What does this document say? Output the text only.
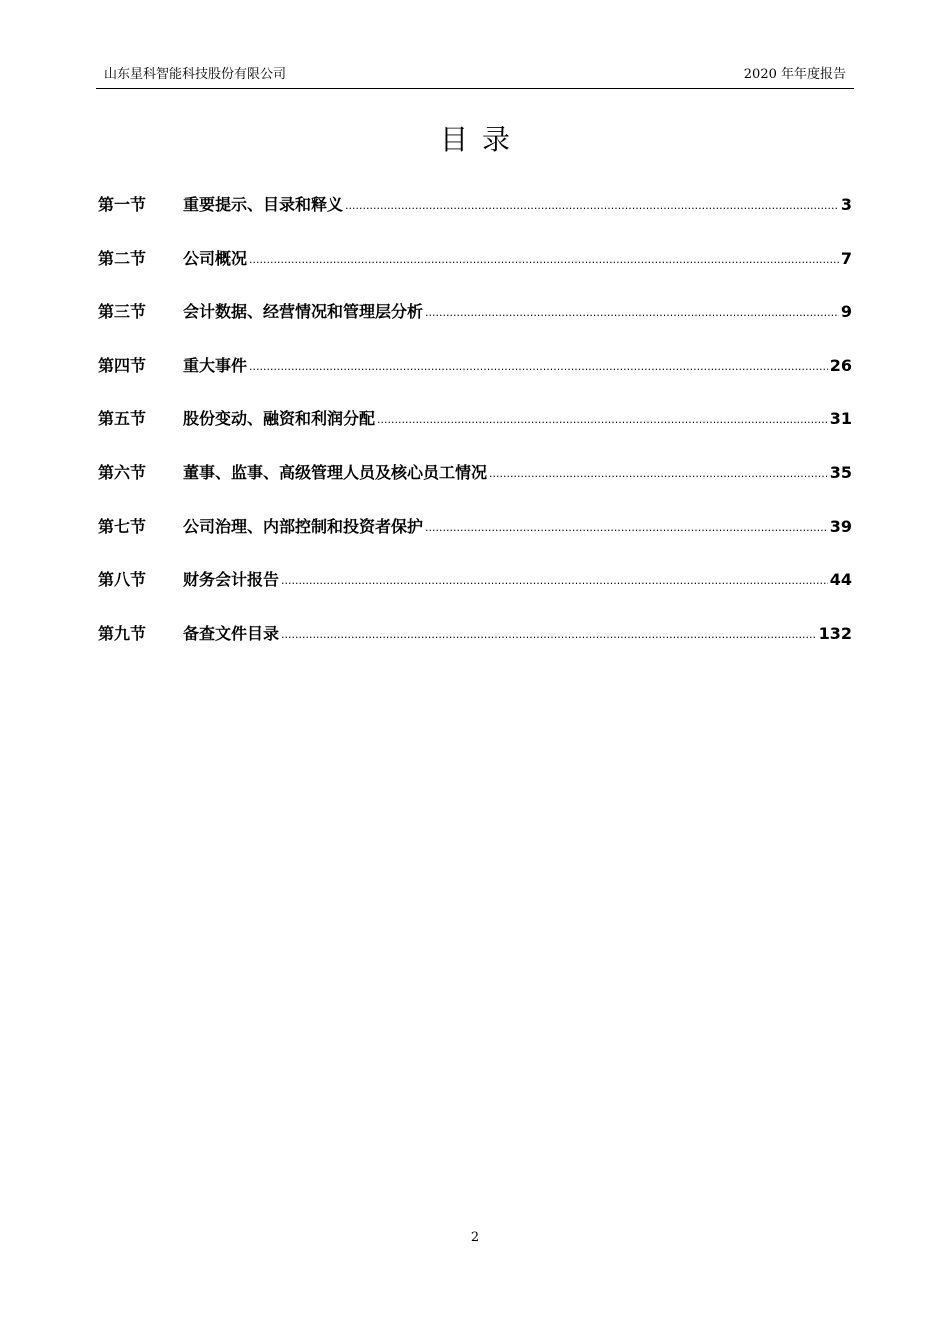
山东星科智能科技股份有限公司	2020 年年度报告
目录
第一节	重要提示、目录和释义 .....	3
第二节	公司概况 .....	7
第三节	会计数据、经营情况和管理层分析 .....	9
第四节	重大事件 .....	26
第五节	股份变动、融资和利润分配 .....	31
第六节	董事、监事、高级管理人员及核心员工情况 .....	35
第七节	公司治理、内部控制和投资者保护 .....	39
第八节	财务会计报告 .....	44
第九节	备查文件目录 .....	132
2
